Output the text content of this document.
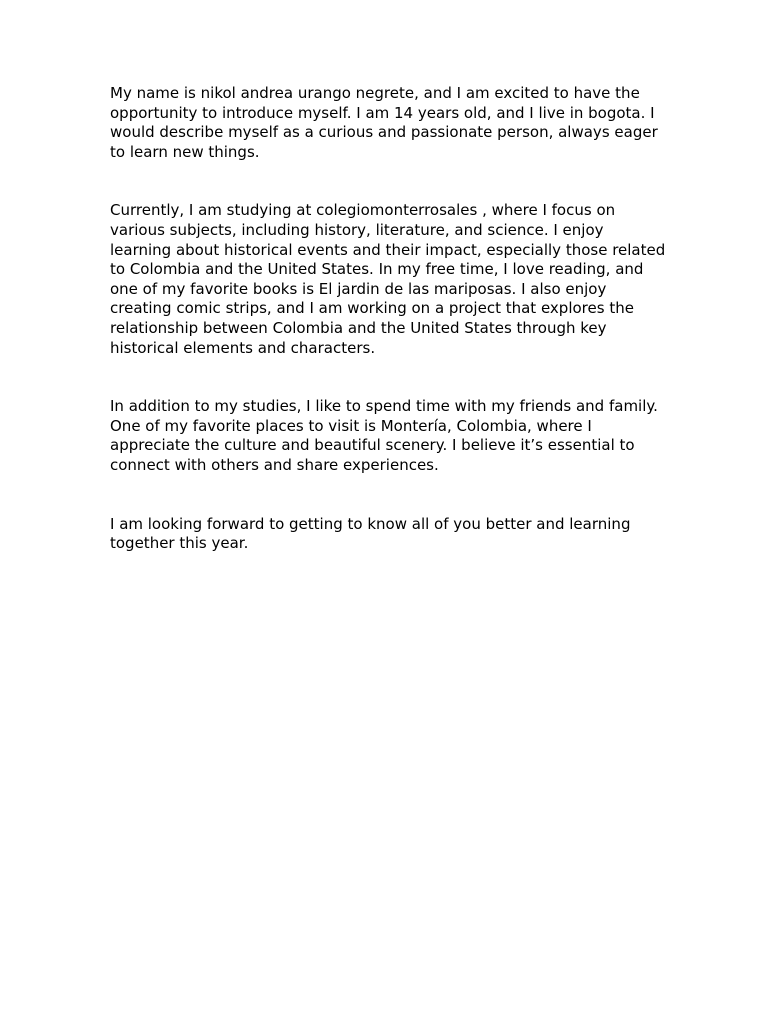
My name is nikol andrea urango negrete, and I am excited to have the opportunity to introduce myself. I am 14 years old, and I live in bogota. I would describe myself as a curious and passionate person, always eager to learn new things.

Currently, I am studying at colegiomonterrosales , where I focus on various subjects, including history, literature, and science. I enjoy learning about historical events and their impact, especially those related to Colombia and the United States. In my free time, I love reading, and one of my favorite books is El jardin de las mariposas. I also enjoy creating comic strips, and I am working on a project that explores the relationship between Colombia and the United States through key historical elements and characters.

In addition to my studies, I like to spend time with my friends and family. One of my favorite places to visit is Montería, Colombia, where I appreciate the culture and beautiful scenery. I believe it’s essential to connect with others and share experiences.

I am looking forward to getting to know all of you better and learning together this year.
